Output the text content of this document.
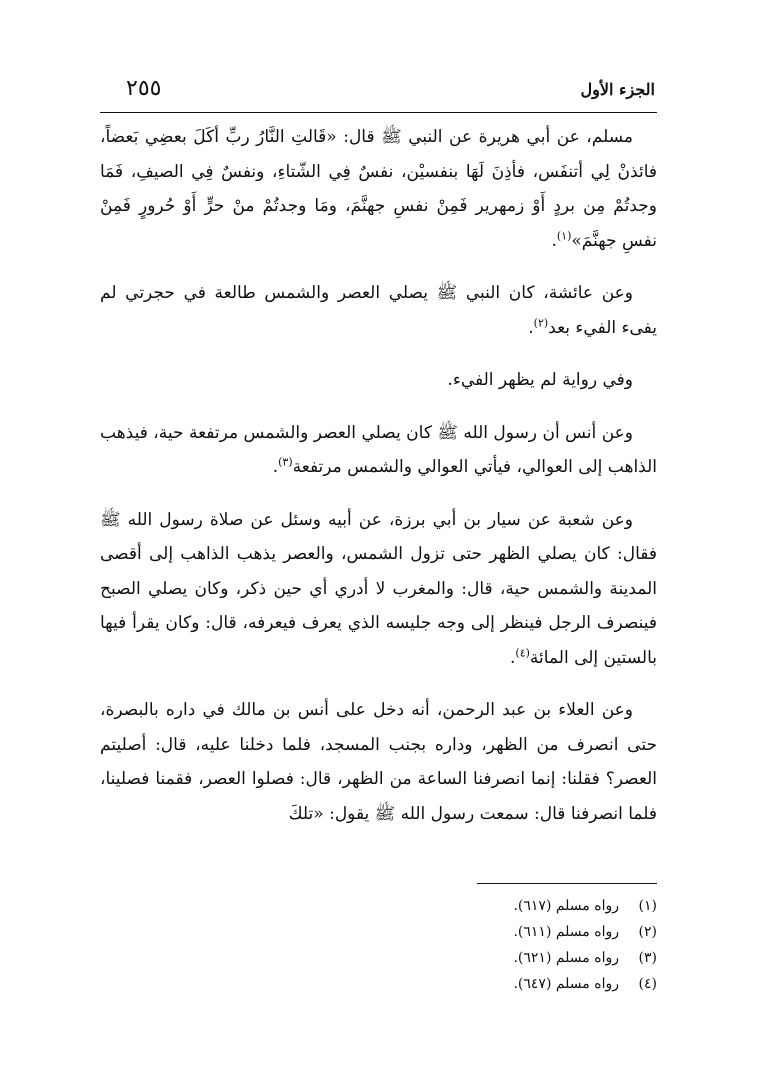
الجزء الأول
٢٥٥

مسلم، عن أبي هريرة عن النبي ﷺ قال: «قَالتِ النَّارُ ربِّ أكَلَ بعضِي بَعضاً، فائذنْ لِي أتنفَس، فأذِنَ لَهَا بنفسيْن، نفسٌ فِي الشّتاءِ، ونفسٌ فِي الصيفِ، فَمَا وجدتُمْ مِن بردٍ أَوْ زمهرير فَمِنْ نفسِ جهنَّمَ، ومَا وجدتُمْ منْ حرٍّ أَوْ حُرورٍ فَمِنْ نفسِ جهنَّمَ»$^{(١)}$.

وعن عائشة، كان النبي ﷺ يصلي العصر والشمس طالعة في حجرتي لم يفىء الفيء بعد$^{(٢)}$.

وفي رواية لم يظهر الفيء.

وعن أنس أن رسول الله ﷺ كان يصلي العصر والشمس مرتفعة حية، فيذهب الذاهب إلى العوالي، فيأتي العوالي والشمس مرتفعة$^{(٣)}$.

وعن شعبة عن سيار بن أبي برزة، عن أبيه وسئل عن صلاة رسول الله ﷺ فقال: كان يصلي الظهر حتى تزول الشمس، والعصر يذهب الذاهب إلى أقصى المدينة والشمس حية، قال: والمغرب لا أدري أي حين ذكر، وكان يصلي الصبح فينصرف الرجل فينظر إلى وجه جليسه الذي يعرف فيعرفه، قال: وكان يقرأ فيها بالستين إلى المائة$^{(٤)}$.

وعن العلاء بن عبد الرحمن، أنه دخل على أنس بن مالك في داره بالبصرة، حتى انصرف من الظهر، وداره بجنب المسجد، فلما دخلنا عليه، قال: أصليتم العصر؟ فقلنا: إنما انصرفنا الساعة من الظهر، قال: فصلوا العصر، فقمنا فصلينا، فلما انصرفنا قال: سمعت رسول الله ﷺ يقول: «تلكَ

(١)رواه مسلم (٦١٧).
(٢)رواه مسلم (٦١١).
(٣)رواه مسلم (٦٢١).
(٤)رواه مسلم (٦٤٧).
